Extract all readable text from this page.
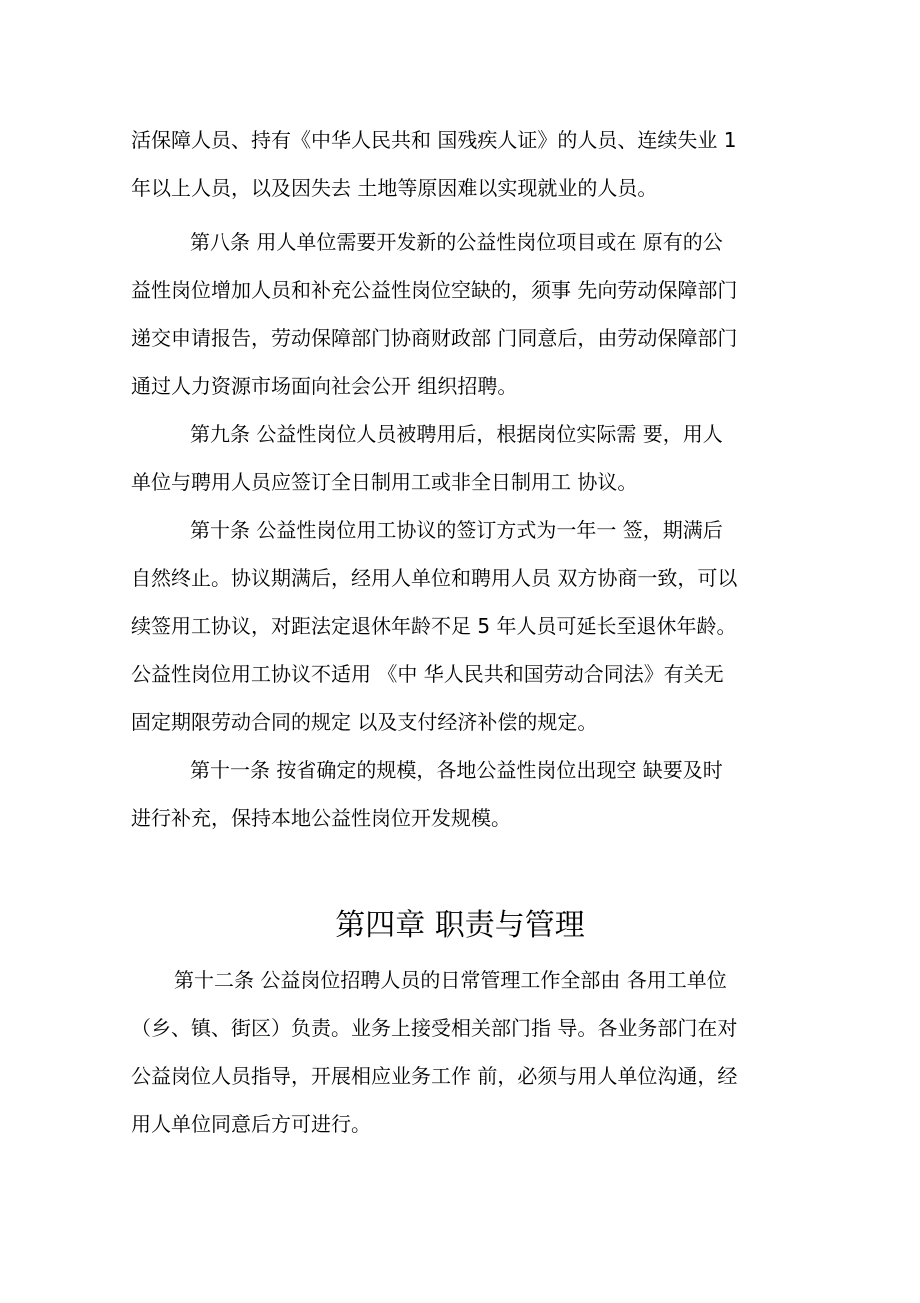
活保障人员、持有《中华人民共和 国残疾人证》的人员、连续失业 1
年以上人员，以及因失去 土地等原因难以实现就业的人员。
第八条 用人单位需要开发新的公益性岗位项目或在 原有的公
益性岗位增加人员和补充公益性岗位空缺的，须事 先向劳动保障部门
递交申请报告，劳动保障部门协商财政部 门同意后，由劳动保障部门
通过人力资源市场面向社会公开 组织招聘。
第九条 公益性岗位人员被聘用后，根据岗位实际需 要，用人
单位与聘用人员应签订全日制用工或非全日制用工 协议。
第十条 公益性岗位用工协议的签订方式为一年一 签，期满后
自然终止。协议期满后，经用人单位和聘用人员 双方协商一致，可以
续签用工协议，对距法定退休年龄不足 5 年人员可延长至退休年龄。
公益性岗位用工协议不适用 《中 华人民共和国劳动合同法》有关无
固定期限劳动合同的规定 以及支付经济补偿的规定。
第十一条 按省确定的规模，各地公益性岗位出现空 缺要及时
进行补充，保持本地公益性岗位开发规模。
第四章 职责与管理
第十二条 公益岗位招聘人员的日常管理工作全部由 各用工单位
（乡、镇、街区）负责。业务上接受相关部门指 导。各业务部门在对
公益岗位人员指导，开展相应业务工作 前，必须与用人单位沟通，经
用人单位同意后方可进行。
